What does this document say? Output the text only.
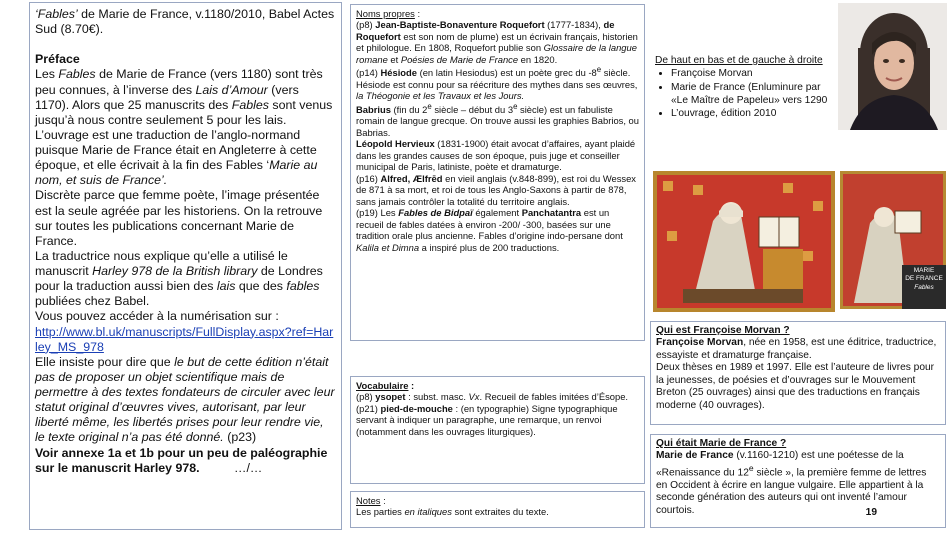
‘Fables’ de Marie de France, v.1180/2010, Babel Actes Sud (8.70€).

Préface

Les Fables de Marie de France (vers 1180) sont très peu connues, à l’inverse des Lais d’Amour (vers 1170). Alors que 25 manuscrits des Fables sont venus jusqu’à nous contre seulement 5 pour les lais. L’ouvrage est une traduction de l’anglo-normand puisque Marie de France était en Angleterre à cette époque, et elle écrivait à la fin des Fables ‘Marie au nom, et suis de France’.

Discrète parce que femme poète, l’image présentée est la seule agréée par les historiens. On la retrouve sur toutes les publications concernant Marie de France.

La traductrice nous explique qu’elle a utilisé le manuscrit Harley 978 de la British library de Londres pour la traduction aussi bien des lais que des fables publiées chez Babel.

Vous pouvez accéder à la numérisation sur :

http://www.bl.uk/manuscripts/FullDisplay.aspx?ref=Harley_MS_978

Elle insiste pour dire que le but de cette édition n’était pas de proposer un objet scientifique mais de permettre à des textes fondateurs de circuler avec leur statut original d’œuvres vives, autorisant, par leur liberté même, les libertés prises pour leur rendre vie, le texte original n’a pas été donné. (p23)

Voir annexe 1a et 1b pour un peu de paléographie sur le manuscrit Harley 978.	…/…

Noms propres :
(p8) Jean-Baptiste-Bonaventure Roquefort (1777-1834), de Roquefort est son nom de plume) est un écrivain français, historien et philologue. En 1808, Roquefort publie son Glossaire de la langue romane et Poésies de Marie de France en 1820.
(p14) Hésiode (en latin Hesiodus) est un poète grec du -8e siècle. Hésiode est connu pour sa réécriture des mythes dans ses œuvres, la Théogonie et les Travaux et les Jours.
Babrius (fin du 2e siècle – début du 3e siècle) est un fabuliste romain de langue grecque. On trouve aussi les graphies Babrios, ou Babrias.
Léopold Hervieux (1831-1900) était avocat d’affaires, ayant plaidé dans les grandes causes de son époque, puis juge et conseiller municipal de Paris, latiniste, poète et dramaturge.
(p16) Alfred, Ælfrēd en vieil anglais (v.848-899), est roi du Wessex de 871 à sa mort, et roi de tous les Anglo-Saxons à partir de 878, sans jamais contrôler la totalité du territoire anglais.
(p19) Les Fables de Bidpaï également Panchatantra est un recueil de fables datées à environ -200/ -300, basées sur une tradition orale plus ancienne. Fables d’origine indo-persane dont Kalila et Dimna a inspiré plus de 200 traductions.
Vocabulaire :
(p8) ysopet : subst. masc. Vx. Recueil de fables imitées d’Ésope.
(p21) pied-de-mouche : (en typographie) Signe typographique servant à indiquer un paragraphe, une remarque, un renvoi (notamment dans les ouvrages liturgiques).
Notes :
Les parties en italiques sont extraites du texte.
De haut en bas et de gauche à droite
• Françoise Morvan
• Marie de France (Enluminure par «Le Maître de Papeleu» vers 1290
• L’ouvrage, édition 2010
MARIE
DE FRANCE
Fables
Qui est Françoise Morvan ?
Françoise Morvan, née en 1958, est une éditrice, traductrice, essayiste et dramaturge française.
Deux thèses en 1989 et 1997. Elle est l’auteure de livres pour la jeunesses, de poésies et d’ouvrages sur le Mouvement Breton (25 ouvrages) ainsi que des traductions en français moderne (40 ouvrages).
Qui était Marie de France ?
Marie de France (v.1160-1210) est une poétesse de la «Renaissance du 12e siècle », la première femme de lettres en Occident à écrire en langue vulgaire. Elle appartient à la seconde génération des auteurs qui ont inventé l’amour courtois.	19
